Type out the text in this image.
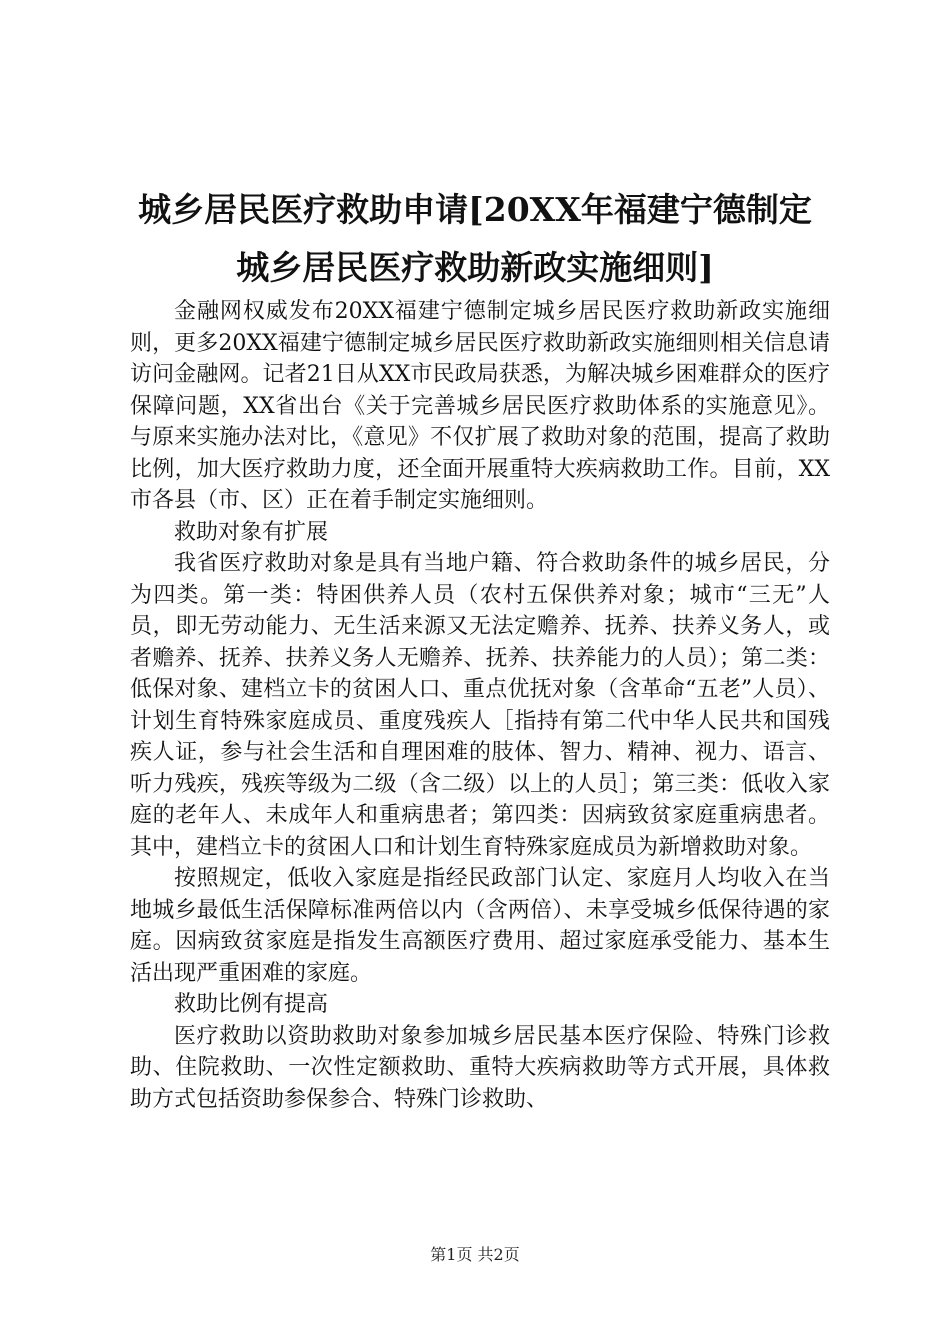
城乡居民医疗救助申请[20XX年福建宁德制定
城乡居民医疗救助新政实施细则]

金融网权威发布20XX福建宁德制定城乡居民医疗救助新政实施细则，更多20XX福建宁德制定城乡居民医疗救助新政实施细则相关信息请访问金融网。记者21日从XX市民政局获悉，为解决城乡困难群众的医疗保障问题，XX省出台《关于完善城乡居民医疗救助体系的实施意见》。与原来实施办法对比，《意见》不仅扩展了救助对象的范围，提高了救助比例，加大医疗救助力度，还全面开展重特大疾病救助工作。目前，XX市各县（市、区）正在着手制定实施细则。

救助对象有扩展

我省医疗救助对象是具有当地户籍、符合救助条件的城乡居民，分为四类。第一类：特困供养人员（农村五保供养对象；城市“三无”人员，即无劳动能力、无生活来源又无法定赡养、抚养、扶养义务人，或者赡养、抚养、扶养义务人无赡养、抚养、扶养能力的人员）；第二类：低保对象、建档立卡的贫困人口、重点优抚对象（含革命“五老”人员）、计划生育特殊家庭成员、重度残疾人［指持有第二代中华人民共和国残疾人证，参与社会生活和自理困难的肢体、智力、精神、视力、语言、听力残疾，残疾等级为二级（含二级）以上的人员］；第三类：低收入家庭的老年人、未成年人和重病患者；第四类：因病致贫家庭重病患者。其中，建档立卡的贫困人口和计划生育特殊家庭成员为新增救助对象。

按照规定，低收入家庭是指经民政部门认定、家庭月人均收入在当地城乡最低生活保障标准两倍以内（含两倍）、未享受城乡低保待遇的家庭。因病致贫家庭是指发生高额医疗费用、超过家庭承受能力、基本生活出现严重困难的家庭。

救助比例有提高

医疗救助以资助救助对象参加城乡居民基本医疗保险、特殊门诊救助、住院救助、一次性定额救助、重特大疾病救助等方式开展，具体救助方式包括资助参保参合、特殊门诊救助、

第1页 共2页
